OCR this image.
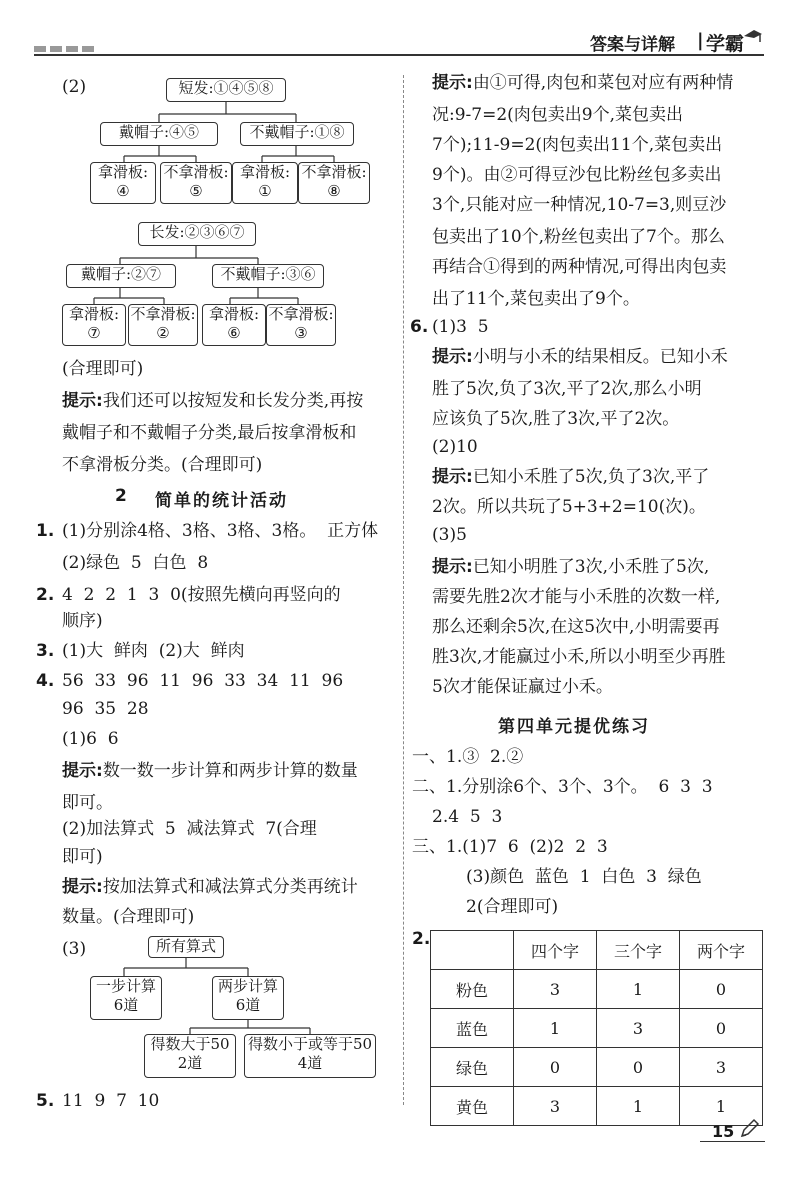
答案与详解 | 学霸
(2)	短发:①④⑤⑧
戴帽子:④⑤	不戴帽子:①⑧
拿滑板:
④
不拿滑板:
⑤
拿滑板:
①
不拿滑板:
⑧
长发:②③⑥⑦
戴帽子:②⑦	不戴帽子:③⑥
拿滑板:
⑦
不拿滑板:
②
拿滑板:
⑥
不拿滑板:
③
(合理即可)
提示:我们还可以按短发和长发分类,再按
戴帽子和不戴帽子分类,最后按拿滑板和
不拿滑板分类。(合理即可)
2 简单的统计活动
1. (1)分别涂4格、3格、3格、3格。  正方体
(2)绿色  5  白色  8
2. 4  2  2  1  3  0(按照先横向再竖向的
顺序)
3. (1)大  鲜肉  (2)大  鲜肉
4. 56  33  96  11  96  33  34  11  96
96  35  28
(1)6  6
提示:数一数一步计算和两步计算的数量
即可。
(2)加法算式  5  减法算式  7(合理
即可)
提示:按加法算式和减法算式分类再统计
数量。(合理即可)
(3)	所有算式
一步计算
6道
两步计算
6道
得数大于50
2道
得数小于或等于50
4道
5. 11  9  7  10
提示:由①可得,肉包和菜包对应有两种情
况:9-7=2(肉包卖出9个,菜包卖出
7个);11-9=2(肉包卖出11个,菜包卖出
9个)。由②可得豆沙包比粉丝包多卖出
3个,只能对应一种情况,10-7=3,则豆沙
包卖出了10个,粉丝包卖出了7个。那么
再结合①得到的两种情况,可得出肉包卖
出了11个,菜包卖出了9个。
6. (1)3  5
提示:小明与小禾的结果相反。已知小禾
胜了5次,负了3次,平了2次,那么小明
应该负了5次,胜了3次,平了2次。
(2)10
提示:已知小禾胜了5次,负了3次,平了
2次。所以共玩了5+3+2=10(次)。
(3)5
提示:已知小明胜了3次,小禾胜了5次,
需要先胜2次才能与小禾胜的次数一样,
那么还剩余5次,在这5次中,小明需要再
胜3次,才能赢过小禾,所以小明至少再胜
5次才能保证赢过小禾。
第四单元提优练习
一、1.③  2.②
二、1.分别涂6个、3个、3个。  6  3  3
2.4  5  3
三、1.(1)7  6  (2)2  2  3
(3)颜色  蓝色  1  白色  3  绿色
2(合理即可)
2.
	四个字	三个字	两个字
粉色	3	1	0
蓝色	1	3	0
绿色	0	0	3
黄色	3	1	1
15
